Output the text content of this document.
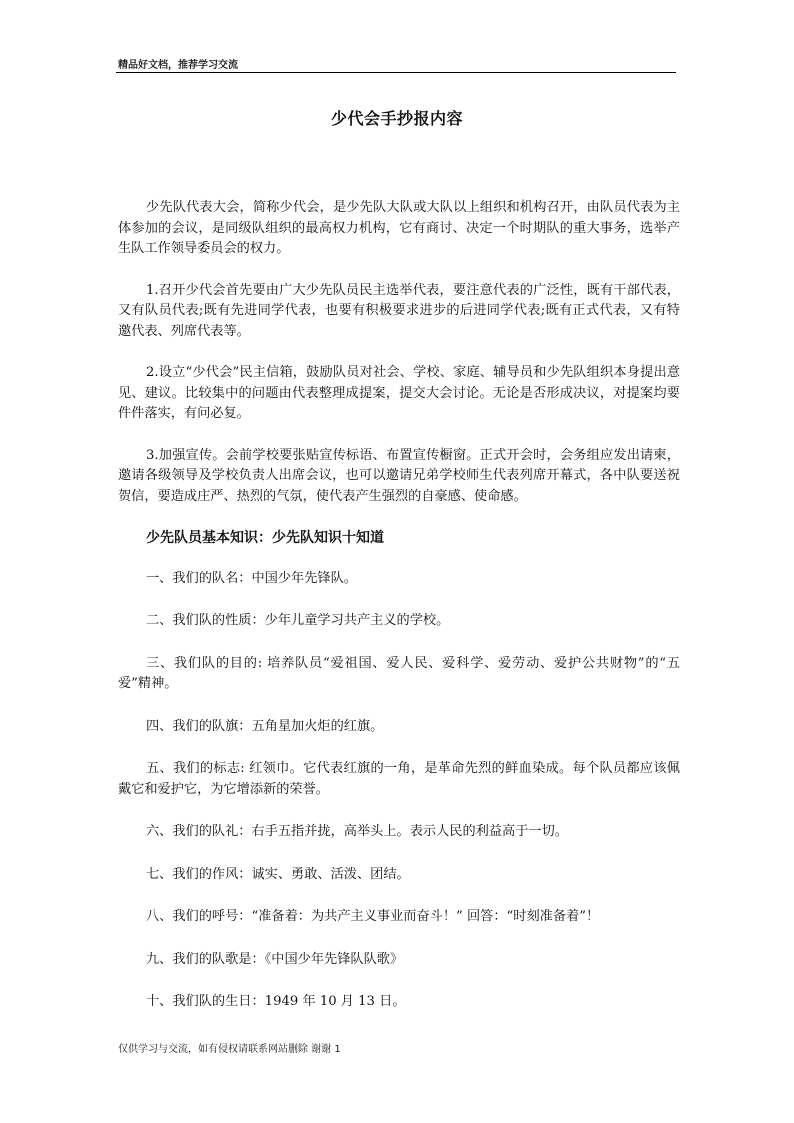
精品好文档，推荐学习交流
少代会手抄报内容

少先队代表大会，简称少代会，是少先队大队或大队以上组织和机构召开，由队员代表为主体参加的会议，是同级队组织的最高权力机构，它有商讨、决定一个时期队的重大事务，选举产生队工作领导委员会的权力。

1.召开少代会首先要由广大少先队员民主选举代表，要注意代表的广泛性，既有干部代表，又有队员代表;既有先进同学代表，也要有积极要求进步的后进同学代表;既有正式代表，又有特邀代表、列席代表等。

2.设立“少代会”民主信箱，鼓励队员对社会、学校、家庭、辅导员和少先队组织本身提出意见、建议。比较集中的问题由代表整理成提案，提交大会讨论。无论是否形成决议，对提案均要件件落实，有问必复。

3.加强宣传。会前学校要张贴宣传标语、布置宣传橱窗。正式开会时，会务组应发出请柬，邀请各级领导及学校负责人出席会议，也可以邀请兄弟学校师生代表列席开幕式，各中队要送祝贺信，要造成庄严、热烈的气氛，使代表产生强烈的自豪感、使命感。

少先队员基本知识：少先队知识十知道

一、我们的队名：中国少年先锋队。

二、我们队的性质：少年儿童学习共产主义的学校。

三、我们队的目的: 培养队员“爱祖国、爱人民、爱科学、爱劳动、爱护公共财物”的“五爱”精神。

四、我们的队旗：五角星加火炬的红旗。

五、我们的标志: 红领巾。它代表红旗的一角，是革命先烈的鲜血染成。每个队员都应该佩戴它和爱护它，为它增添新的荣誉。

六、我们的队礼：右手五指并拢，高举头上。表示人民的利益高于一切。

七、我们的作风：诚实、勇敢、活泼、团结。

八、我们的呼号：“准备着：为共产主义事业而奋斗！” 回答：“时刻准备着”！

九、我们的队歌是：《中国少年先锋队队歌》

十、我们队的生日：1949 年 10 月 13 日。

仅供学习与交流，如有侵权请联系网站删除 谢谢 1
